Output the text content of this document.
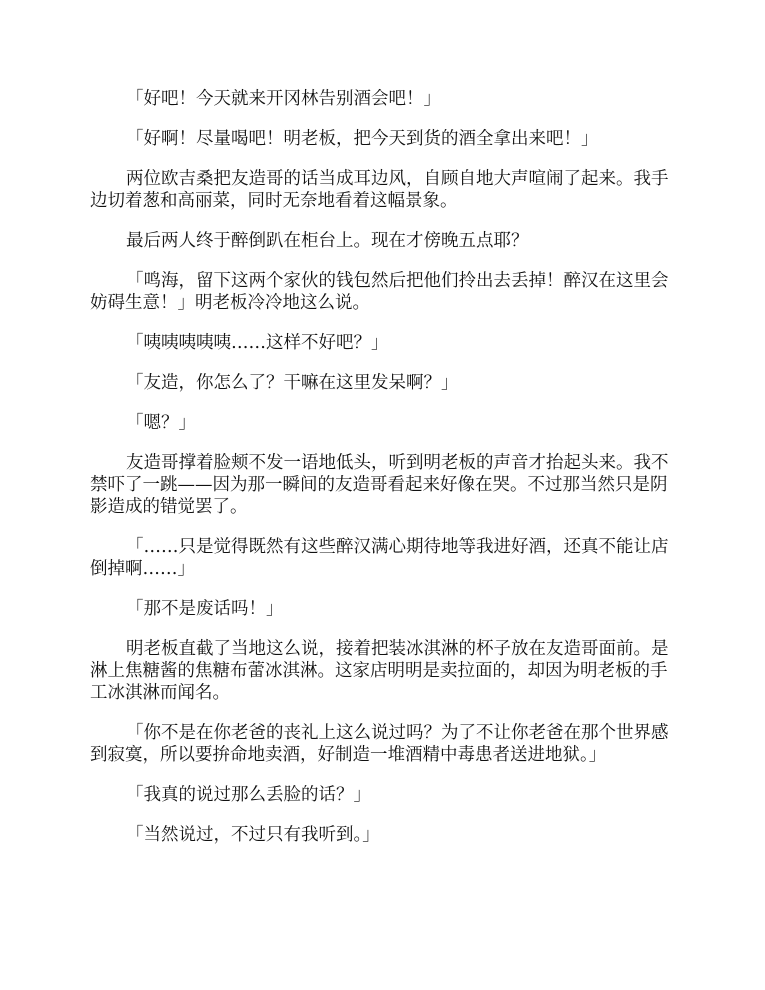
「好吧！今天就来开冈林告别酒会吧！」

「好啊！尽量喝吧！明老板，把今天到货的酒全拿出来吧！」

两位欧吉桑把友造哥的话当成耳边风，自顾自地大声喧闹了起来。我手边切着葱和高丽菜，同时无奈地看着这幅景象。

最后两人终于醉倒趴在柜台上。现在才傍晚五点耶？

「鸣海，留下这两个家伙的钱包然后把他们拎出去丢掉！醉汉在这里会妨碍生意！」明老板冷冷地这么说。

「咦咦咦咦咦……这样不好吧？」

「友造，你怎么了？干嘛在这里发呆啊？」

「嗯？」

友造哥撑着脸颊不发一语地低头，听到明老板的声音才抬起头来。我不禁吓了一跳——因为那一瞬间的友造哥看起来好像在哭。不过那当然只是阴影造成的错觉罢了。

「……只是觉得既然有这些醉汉满心期待地等我进好酒，还真不能让店倒掉啊……」

「那不是废话吗！」

明老板直截了当地这么说，接着把装冰淇淋的杯子放在友造哥面前。是淋上焦糖酱的焦糖布蕾冰淇淋。这家店明明是卖拉面的，却因为明老板的手工冰淇淋而闻名。

「你不是在你老爸的丧礼上这么说过吗？为了不让你老爸在那个世界感到寂寞，所以要拚命地卖酒，好制造一堆酒精中毒患者送进地狱。」

「我真的说过那么丢脸的话？」

「当然说过，不过只有我听到。」
